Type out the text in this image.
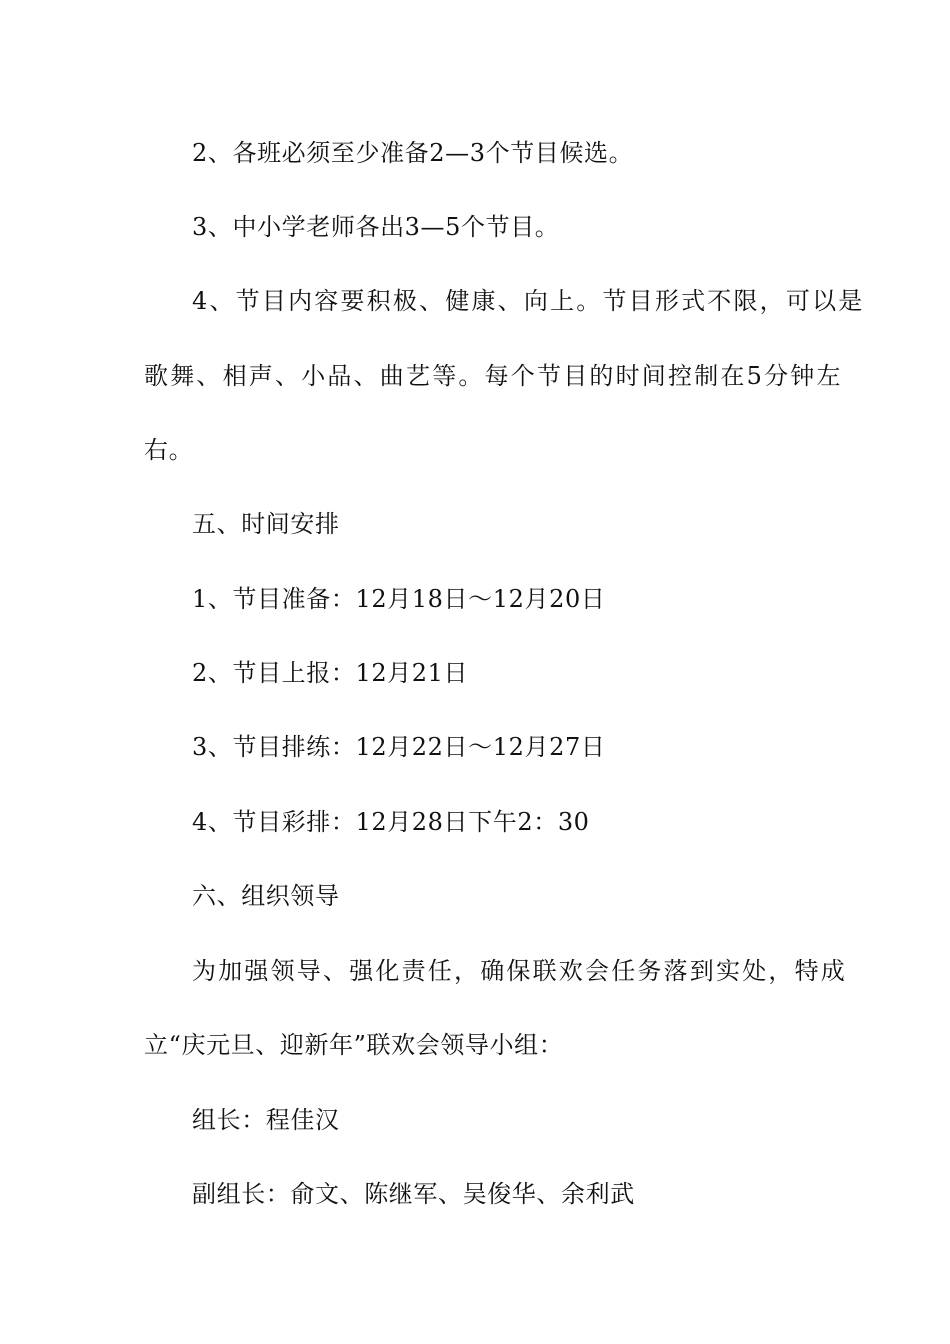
2、各班必须至少准备2—3个节目候选。

3、中小学老师各出3—5个节目。

4、节目内容要积极、健康、向上。节目形式不限，可以是

歌舞、相声、小品、曲艺等。每个节目的时间控制在5分钟左

右。

五、时间安排

1、节目准备：12月18日～12月20日

2、节目上报：12月21日

3、节目排练：12月22日～12月27日

4、节目彩排：12月28日下午2：30

六、组织领导

为加强领导、强化责任，确保联欢会任务落到实处，特成

立“庆元旦、迎新年”联欢会领导小组：

组长：程佳汉

副组长：俞文、陈继军、吴俊华、余利武
